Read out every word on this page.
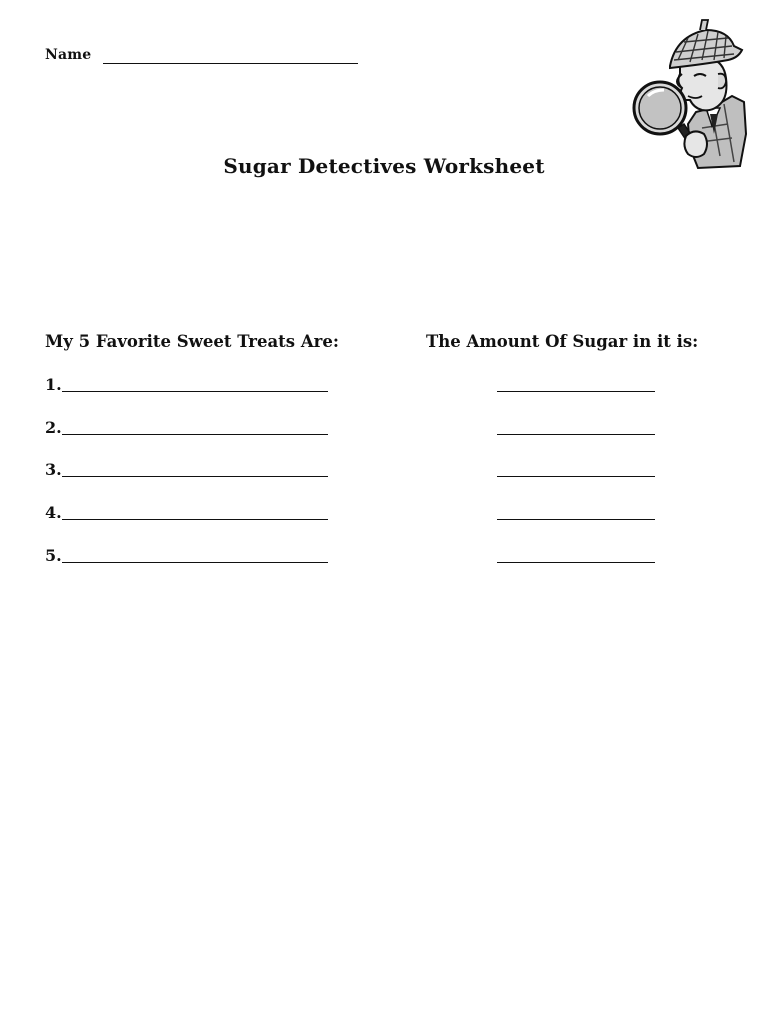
Name
Sugar Detectives Worksheet
My 5 Favorite Sweet Treats Are:	The Amount Of Sugar in it is:
1.
2.
3.
4.
5.
